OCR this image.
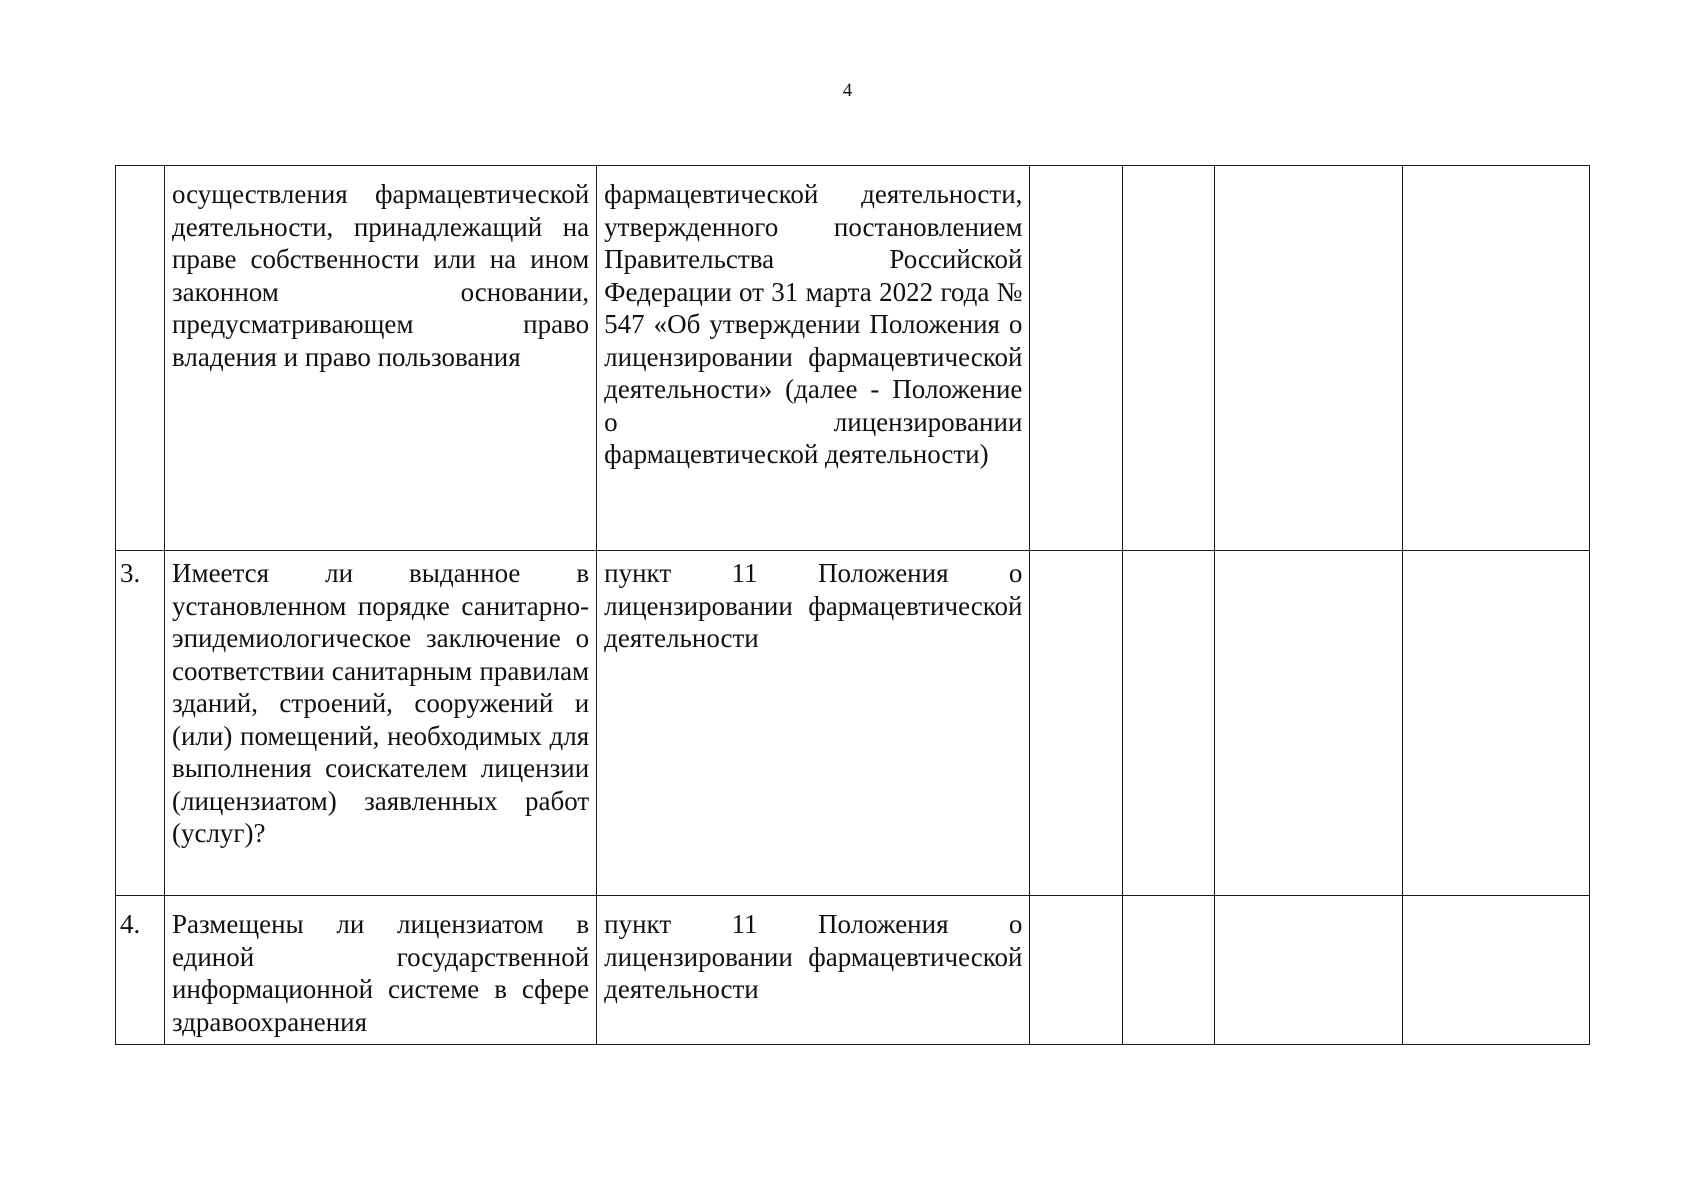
4
	осуществления фармацевтической деятельности, принадлежащий на праве собственности или на ином законном основании, предусматривающем право владения и право пользования	фармацевтической деятельности, утвержденного постановлением Правительства Российской Федерации от 31 марта 2022 года № 547 «Об утверждении Положения о лицензировании фармацевтической деятельности» (далее - Положение о лицензировании фармацевтической деятельности)				
3.	Имеется ли выданное в установленном порядке санитарно-эпидемиологическое заключение о соответствии санитарным правилам зданий, строений, сооружений и (или) помещений, необходимых для выполнения соискателем лицензии (лицензиатом) заявленных работ (услуг)?	пункт 11 Положения о лицензировании фармацевтической деятельности				
4.	Размещены ли лицензиатом в единой государственной информационной системе в сфере здравоохранения	пункт 11 Положения о лицензировании фармацевтической деятельности				
